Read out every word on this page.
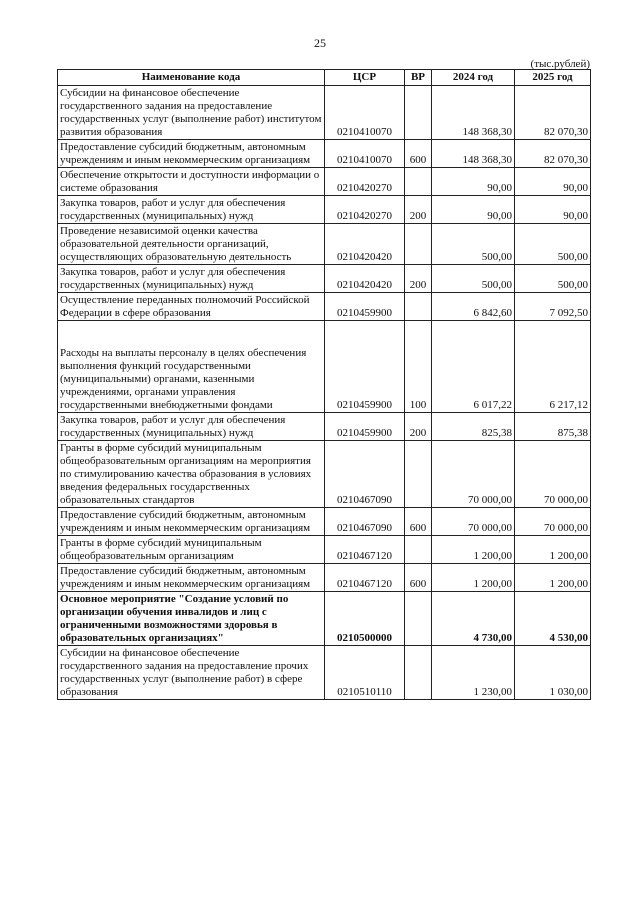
25
(тыс.рублей)
Наименование кода	ЦСР	ВР	2024 год	2025 год
Субсидии на финансовое обеспечение государственного задания на предоставление государственных услуг (выполнение работ) институтом развития образования	0210410070		148 368,30	82 070,30
Предоставление субсидий бюджетным, автономным учреждениям и иным некоммерческим организациям	0210410070	600	148 368,30	82 070,30
Обеспечение открытости и доступности информации о системе образования	0210420270		90,00	90,00
Закупка товаров, работ и услуг для обеспечения государственных (муниципальных) нужд	0210420270	200	90,00	90,00
Проведение независимой оценки качества образовательной деятельности организаций, осуществляющих образовательную деятельность	0210420420		500,00	500,00
Закупка товаров, работ и услуг для обеспечения государственных (муниципальных) нужд	0210420420	200	500,00	500,00
Осуществление переданных полномочий Российской Федерации в сфере образования	0210459900		6 842,60	7 092,50
Расходы на выплаты персоналу в целях обеспечения выполнения функций государственными (муниципальными) органами, казенными учреждениями, органами управления государственными внебюджетными фондами	0210459900	100	6 017,22	6 217,12
Закупка товаров, работ и услуг для обеспечения государственных (муниципальных) нужд	0210459900	200	825,38	875,38
Гранты в форме субсидий муниципальным общеобразовательным организациям на мероприятия по стимулированию качества образования в условиях введения федеральных государственных образовательных стандартов	0210467090		70 000,00	70 000,00
Предоставление субсидий бюджетным, автономным учреждениям и иным некоммерческим организациям	0210467090	600	70 000,00	70 000,00
Гранты в форме субсидий муниципальным общеобразовательным организациям	0210467120		1 200,00	1 200,00
Предоставление субсидий бюджетным, автономным учреждениям и иным некоммерческим организациям	0210467120	600	1 200,00	1 200,00
Основное мероприятие "Создание условий по организации обучения инвалидов и лиц с ограниченными возможностями здоровья в образовательных организациях"	0210500000		4 730,00	4 530,00
Субсидии на финансовое обеспечение государственного задания на предоставление прочих государственных услуг (выполнение работ) в сфере образования	0210510110		1 230,00	1 030,00
